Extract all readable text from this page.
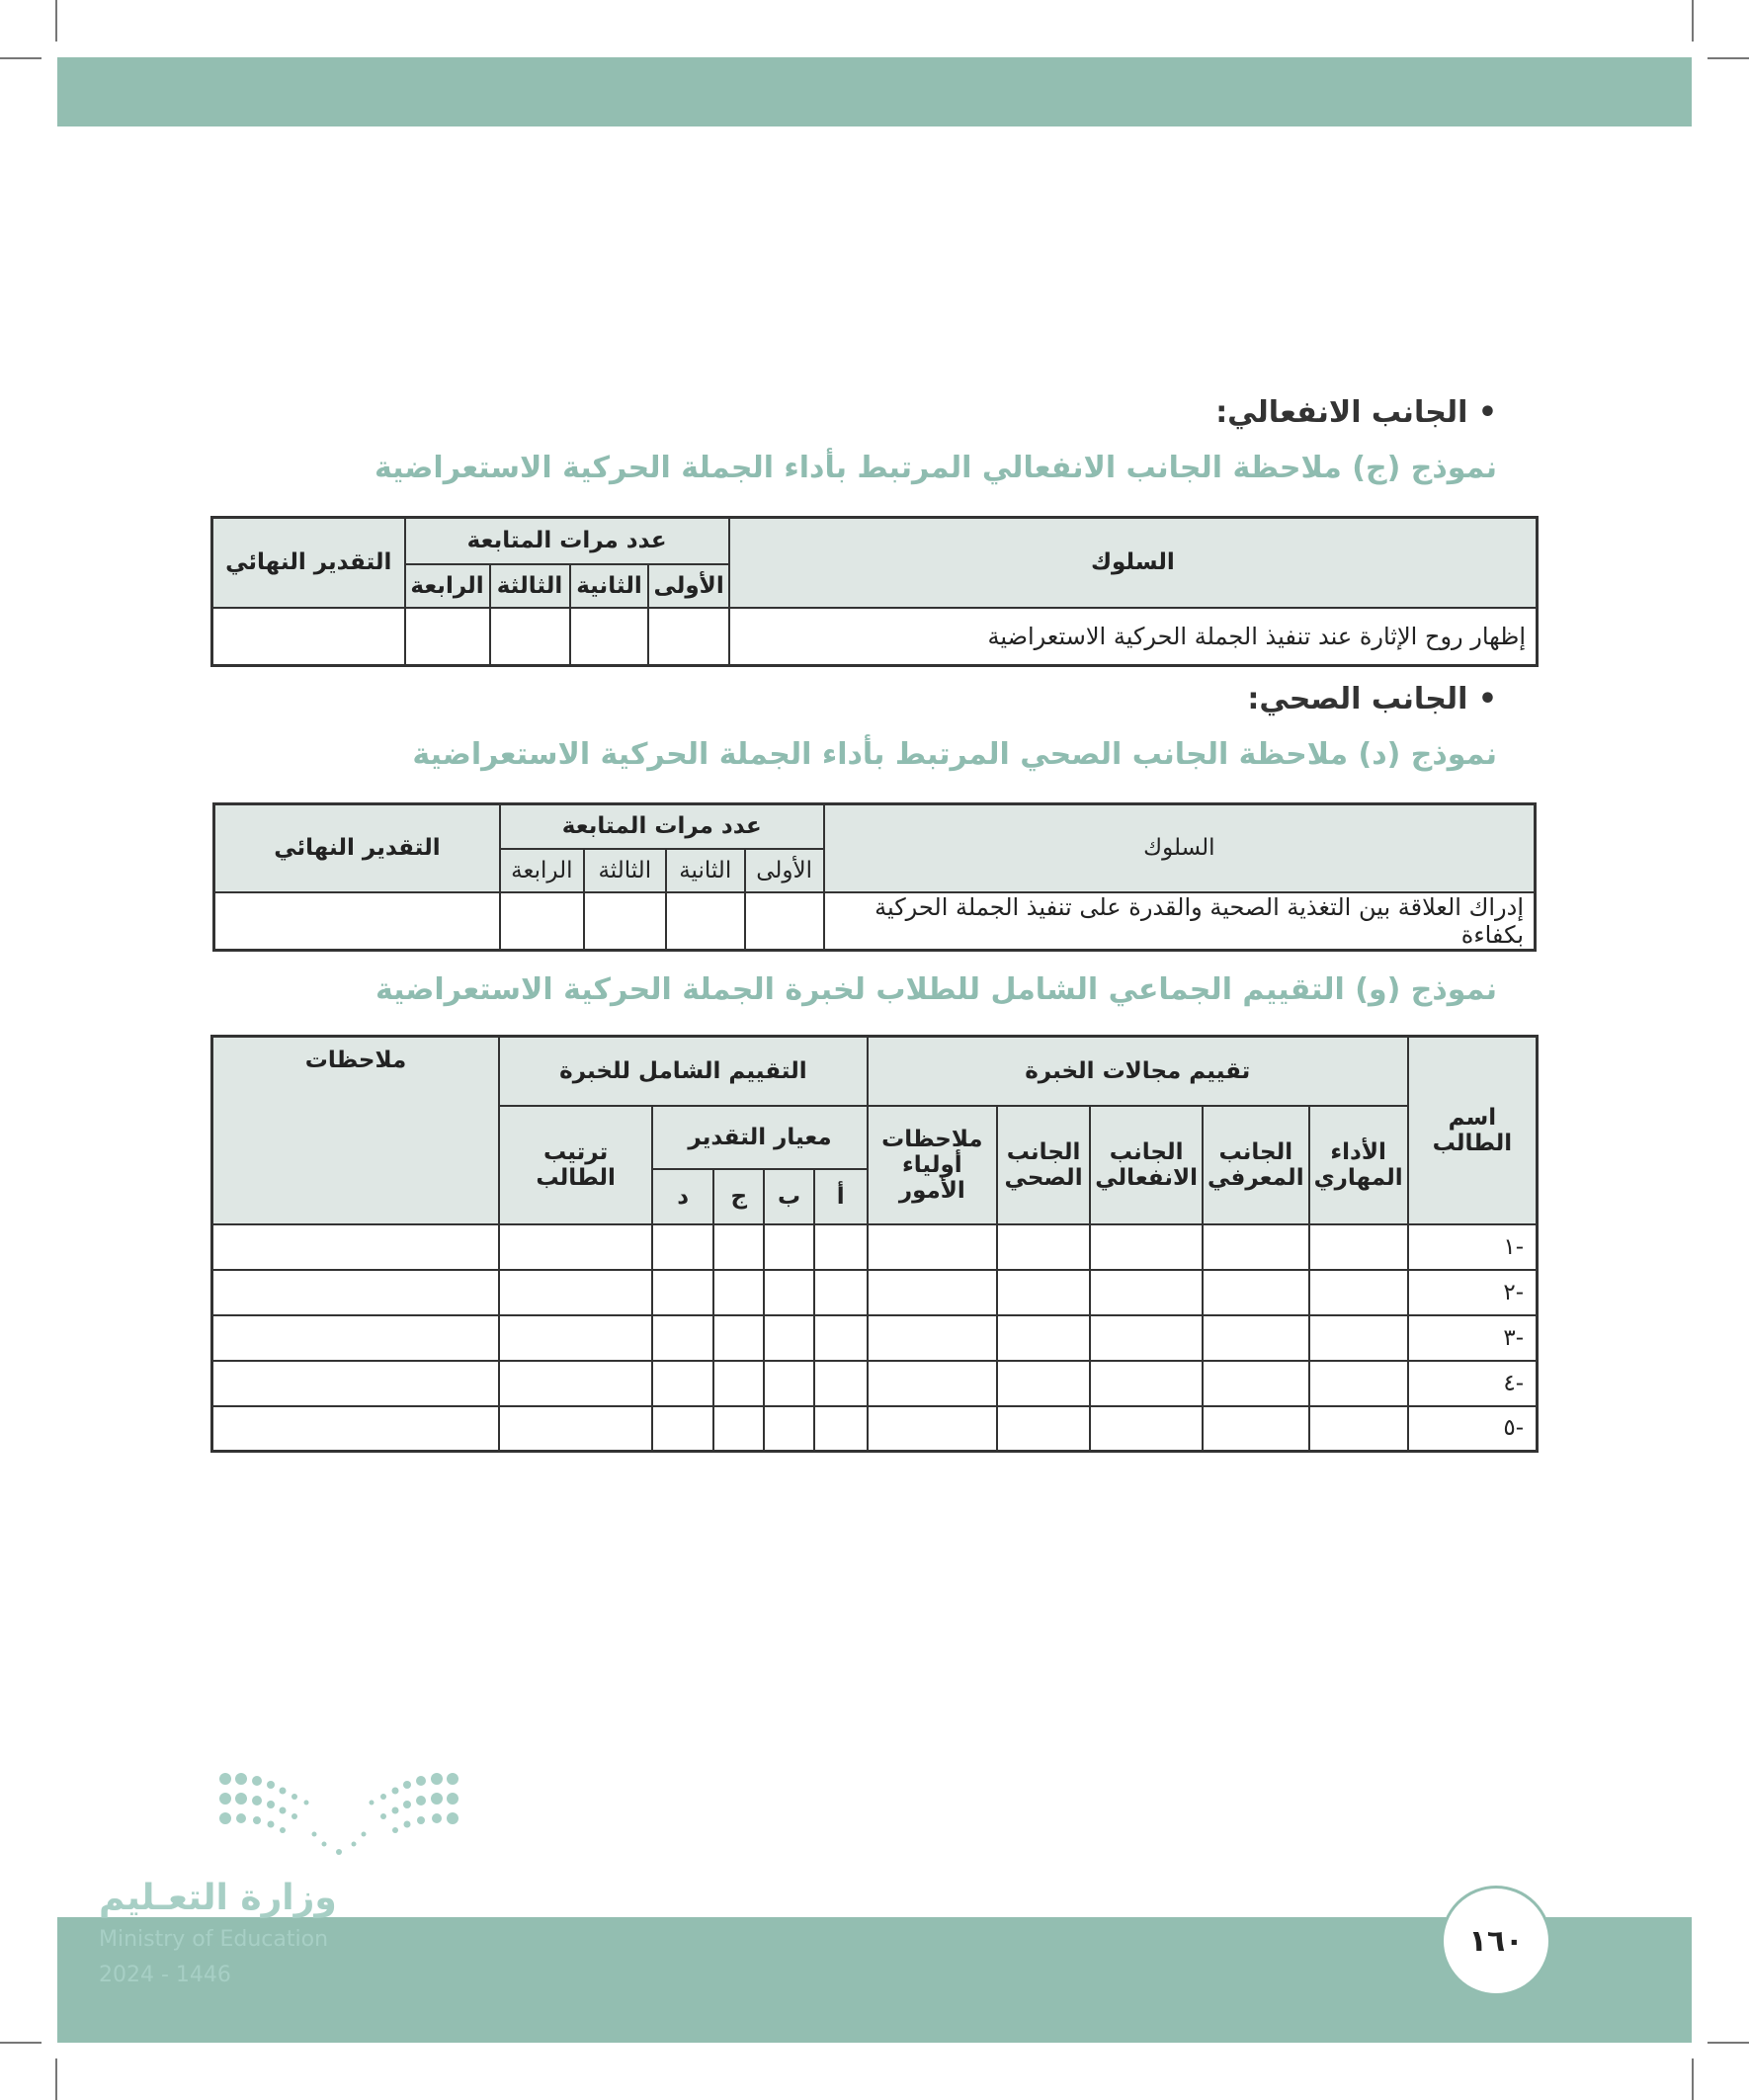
• الجانب الانفعالي:
نموذج (ج) ملاحظة الجانب الانفعالي المرتبط بأداء الجملة الحركية الاستعراضية
السلوك	عدد مرات المتابعة				التقدير النهائي
	الأولى	الثانية	الثالثة	الرابعة	
إظهار روح الإثارة عند تنفيذ الجملة الحركية الاستعراضية					
• الجانب الصحي:
نموذج (د) ملاحظة الجانب الصحي المرتبط بأداء الجملة الحركية الاستعراضية
السلوك	عدد مرات المتابعة				التقدير النهائي
	الأولى	الثانية	الثالثة	الرابعة	
إدراك العلاقة بين التغذية الصحية والقدرة على تنفيذ الجملة الحركية بكفاءة					
نموذج (و) التقييم الجماعي الشامل للطلاب لخبرة الجملة الحركية الاستعراضية
اسم الطالب	تقييم مجالات الخبرة					التقييم الشامل للخبرة					ملاحظات
	الأداء المهاري	الجانب المعرفي	الجانب الانفعالي	الجانب الصحي	ملاحظات أولياء الأمور	معيار التقدير				ترتيب الطالب	
						أ	ب	ج	د		
-١											
-٢											
-٣											
-٤											
-٥											
وزارة التعـليم
Ministry of Education
2024 - 1446
١٦٠
